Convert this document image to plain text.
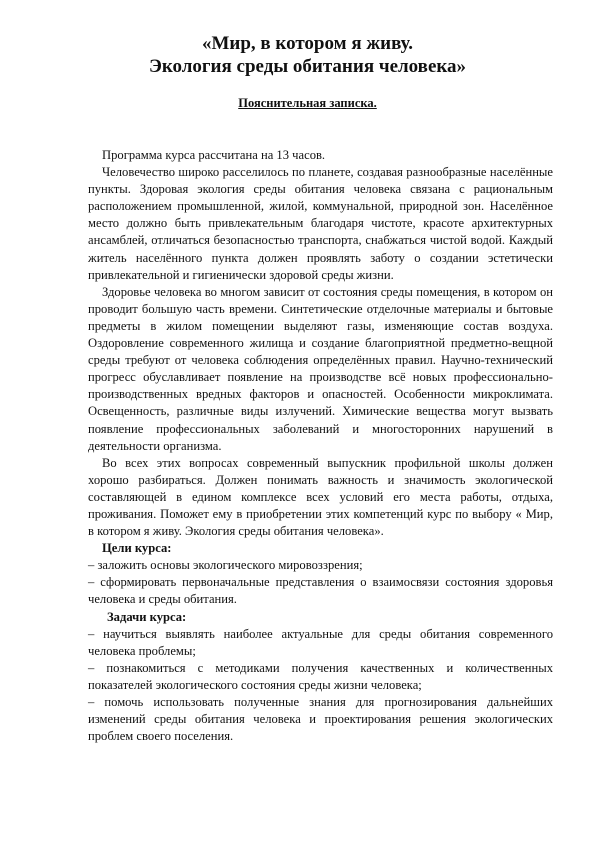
«Мир, в котором я живу.
Экология среды обитания человека»
Пояснительная записка.

Программа курса рассчитана на 13 часов.

Человечество широко расселилось по планете, создавая разнообразные населённые пункты. Здоровая экология среды обитания человека связана с рациональным расположением промышленной, жилой, коммунальной, природной зон. Населённое место должно быть привлекательным благодаря чистоте, красоте архитектурных ансамблей, отличаться безопасностью транспорта, снабжаться чистой водой. Каждый житель населённого пункта должен проявлять заботу о создании эстетически привлекательной и гигиенически здоровой среды жизни.

Здоровье человека во многом зависит от состояния среды помещения, в котором он проводит большую часть времени. Синтетические отделочные материалы и бытовые предметы в жилом помещении выделяют газы, изменяющие состав воздуха. Оздоровление современного жилища и создание благоприятной предметно-вещной среды требуют от человека соблюдения определённых правил. Научно-технический прогресс обуславливает появление на производстве всё новых профессионально-производственных вредных факторов и опасностей. Особенности микроклимата. Освещенность, различные виды излучений. Химические вещества могут вызвать появление профессиональных заболеваний и многосторонних нарушений в деятельности организма.

Во всех этих вопросах современный выпускник профильной школы должен хорошо разбираться. Должен понимать важность и значимость экологической составляющей в едином комплексе всех условий его места работы, отдыха, проживания. Поможет ему в приобретении этих компетенций курс по выбору « Мир, в котором я живу. Экология среды обитания человека».

Цели курса:

– заложить основы экологического мировоззрения;

– сформировать первоначальные представления о взаимосвязи состояния здоровья человека и среды обитания.

Задачи курса:

– научиться выявлять наиболее актуальные для среды обитания современного человека проблемы;

– познакомиться с методиками получения качественных и количественных показателей экологического состояния среды жизни человека;

– помочь использовать полученные знания для прогнозирования дальнейших изменений среды обитания человека и проектирования решения экологических проблем своего поселения.
